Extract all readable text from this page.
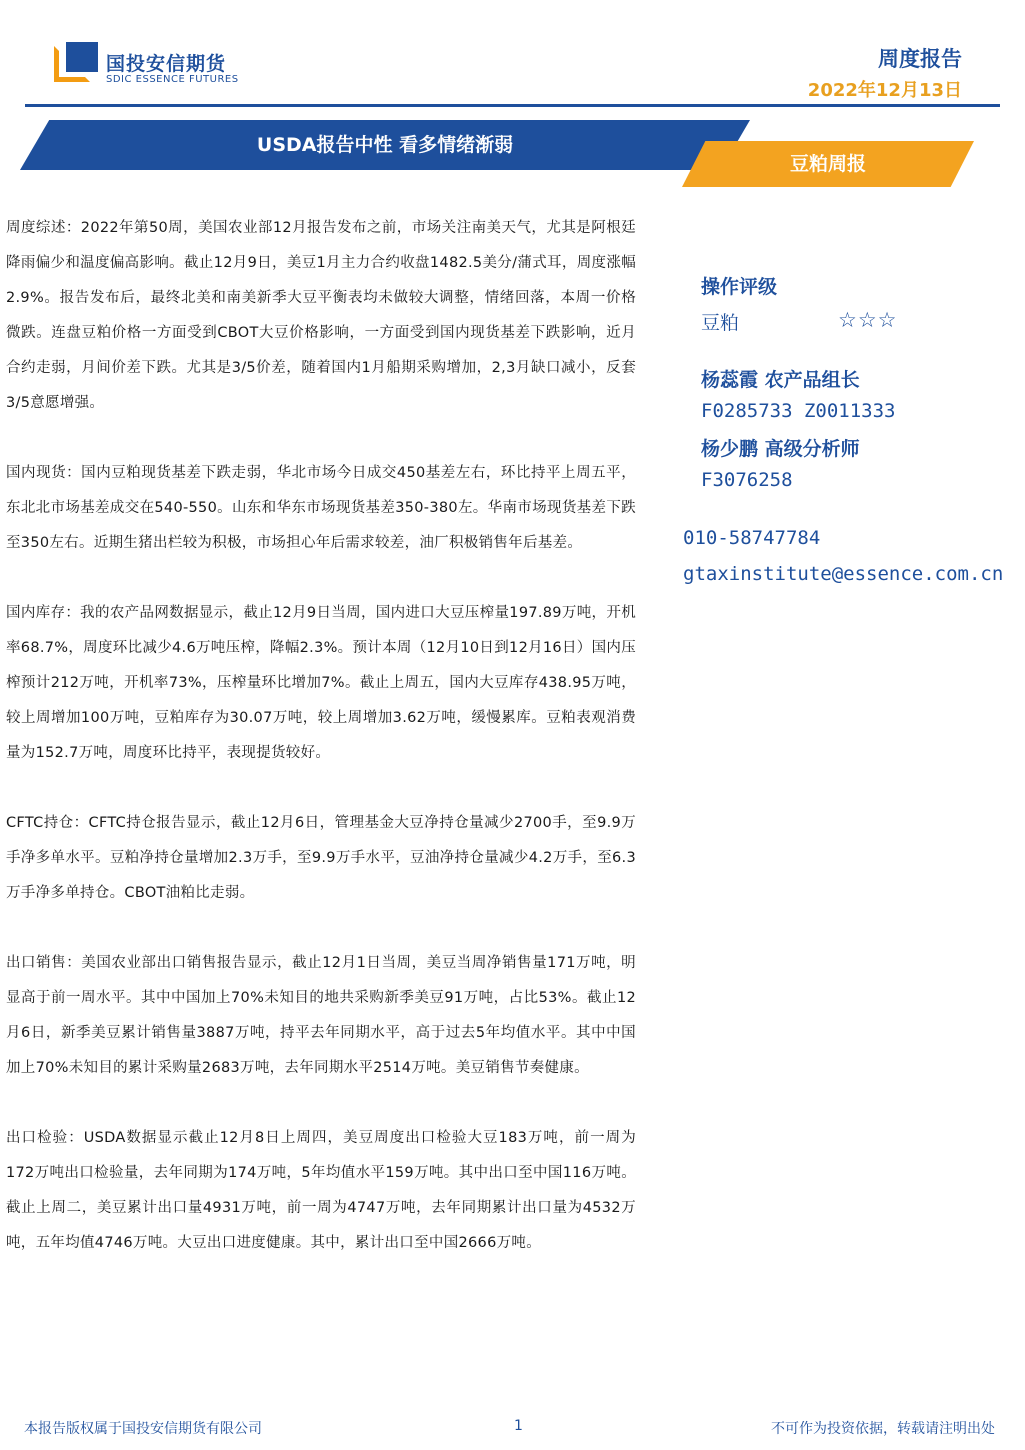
国投安信期货
SDIC ESSENCE FUTURES
周度报告
2022年12月13日
USDA报告中性 看多情绪渐弱
豆粕周报

周度综述：2022年第50周，美国农业部12月报告发布之前，市场关注南美天气，尤其是阿根廷降雨偏少和温度偏高影响。截止12月9日，美豆1月主力合约收盘1482.5美分/蒲式耳，周度涨幅2.9%。报告发布后，最终北美和南美新季大豆平衡表均未做较大调整，情绪回落，本周一价格微跌。连盘豆粕价格一方面受到CBOT大豆价格影响，一方面受到国内现货基差下跌影响，近月合约走弱，月间价差下跌。尤其是3/5价差，随着国内1月船期采购增加，2,3月缺口减小，反套3/5意愿增强。

国内现货：国内豆粕现货基差下跌走弱，华北市场今日成交450基差左右，环比持平上周五平，东北北市场基差成交在540-550。山东和华东市场现货基差350-380左。华南市场现货基差下跌至350左右。近期生猪出栏较为积极，市场担心年后需求较差，油厂积极销售年后基差。

国内库存：我的农产品网数据显示，截止12月9日当周，国内进口大豆压榨量197.89万吨，开机率68.7%，周度环比减少4.6万吨压榨，降幅2.3%。预计本周（12月10日到12月16日）国内压榨预计212万吨，开机率73%，压榨量环比增加7%。截止上周五，国内大豆库存438.95万吨，较上周增加100万吨，豆粕库存为30.07万吨，较上周增加3.62万吨，缓慢累库。豆粕表观消费量为152.7万吨，周度环比持平，表现提货较好。

CFTC持仓：CFTC持仓报告显示，截止12月6日，管理基金大豆净持仓量减少2700手，至9.9万手净多单水平。豆粕净持仓量增加2.3万手，至9.9万手水平，豆油净持仓量减少4.2万手，至6.3万手净多单持仓。CBOT油粕比走弱。

出口销售：美国农业部出口销售报告显示，截止12月1日当周，美豆当周净销售量171万吨，明显高于前一周水平。其中中国加上70%未知目的地共采购新季美豆91万吨，占比53%。截止12月6日，新季美豆累计销售量3887万吨，持平去年同期水平，高于过去5年均值水平。其中中国加上70%未知目的累计采购量2683万吨，去年同期水平2514万吨。美豆销售节奏健康。

出口检验：USDA数据显示截止12月8日上周四，美豆周度出口检验大豆183万吨，前一周为172万吨出口检验量，去年同期为174万吨，5年均值水平159万吨。其中出口至中国116万吨。截止上周二，美豆累计出口量4931万吨，前一周为4747万吨，去年同期累计出口量为4532万吨，五年均值4746万吨。大豆出口进度健康。其中，累计出口至中国2666万吨。

操作评级
豆粕	☆☆☆
杨蕊霞 农产品组长
F0285733 Z0011333
杨少鹏 高级分析师
F3076258
010-58747784
gtaxinstitute@essence.com.cn
本报告版权属于国投安信期货有限公司	1	不可作为投资依据，转载请注明出处
